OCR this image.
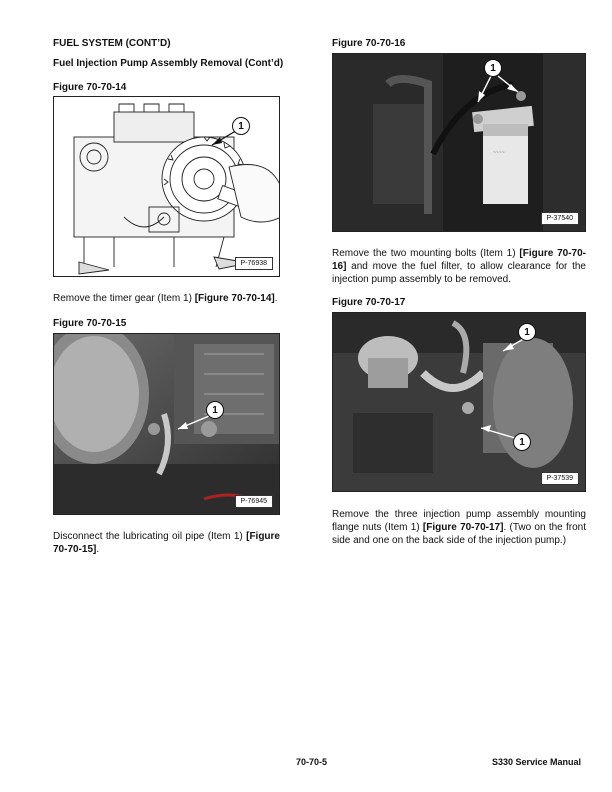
FUEL SYSTEM (CONT’D)
Fuel Injection Pump Assembly Removal (Cont’d)
Figure 70-70-14
1
P-76938
Remove the timer gear (Item 1) [Figure 70-70-14].
Figure 70-70-15
1
P-76945
Disconnect the lubricating oil pipe (Item 1) [Figure 70-70-15].
Figure 70-70-16
~~~~
1
P-37540
Remove the two mounting bolts (Item 1) [Figure 70-70-16] and move the fuel filter, to allow clearance for the injection pump assembly to be removed.
Figure 70-70-17
1
1
P-37539
Remove the three injection pump assembly mounting flange nuts (Item 1) [Figure 70-70-17]. (Two on the front side and one on the back side of the injection pump.)
70-70-5	S330 Service Manual
